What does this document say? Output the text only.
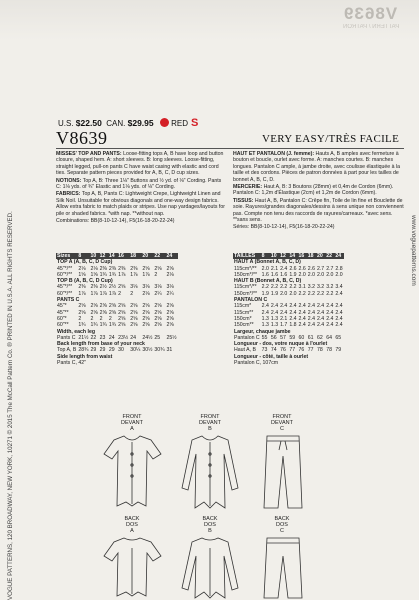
V8639
PATTERN / PATRON
VOGUE PATTERNS, 120 BROADWAY, NEW YORK, 10271 © 2015 The McCall Pattern Co. ® PRINTED IN U.S.A. ALL RIGHTS RESERVED.	www.voguepatterns.com
U.S. $22.50 CAN. $29.95 RED S
V8639	VERY EASY/TRÈS FACILE

MISSES' TOP AND PANTS: Loose-fitting tops A, B have loop and button closure, shaped hem. A: short sleeves. B: long sleeves. Loose-fitting, straight legged, pull-on pants C have waist casing with elastic and cord ties. Separate pattern pieces provided for A, B, C, D cup sizes.

NOTIONS: Top A, B: Three 1⅛" Buttons and ½ yd. of ⅛" Cording. Pants C: 1⅛ yds. of ¾" Elastic and 1⅛ yds. of ⅛" Cording.

FABRICS: Top A, B, Pants C: Lightweight Crepe, Lightweight Linen and Silk Noil. Unsuitable for obvious diagonals and one-way design fabrics. Allow extra fabric to match plaids or stripes. Use nap yardages/layouts for pile or shaded fabrics. *with nap. **without nap.

Combinations: BB(8-10-12-14), F5(16-18-20-22-24)

HAUT ET PANTALON (J. femme): Hauts A, B amples avec fermeture à bouton et boucle, ourlet avec forme. A: manches courtes. B: manches longues. Pantalon C ample, à jambe droite, avec coulisse élastiquée à la taille et des cordons. Pièces de patron données à part pour les tailles de bonnet A, B, C, D.

MERCERIE: Haut A, B: 3 Boutons (28mm) et 0,4m de Cordon (6mm). Pantalon C: 1,2m d'Élastique (2cm) et 1,2m de Cordon (6mm).

TISSUS: Haut A, B, Pantalon C: Crêpe fin, Toile de lin fine et Bouclette de soie. Rayures/grandes diagonales/dessins à sens unique non conviennent pas. Compte non tenu des raccords de rayures/carreaux. *avec sens. **sans sens.

Séries: BB(8-10-12-14), F5(16-18-20-22-24)

Sizes	8	10	12	14	16	18	20	22	24
TOP A (A, B, C, D Cup)									
45"*/**	2⅛	2⅛	2⅜	2⅜	2⅜	2⅜	2⅝	2⅝	2⅝
60"*/**	1⅝	1⅝	1¾	1¾	1⅞	1⅞	1⅞	2	2⅛
TOP B (A, B, C, D Cup)									
45"*/**	2⅜	2⅜	2½	2½	2⅝	3⅛	3⅛	3⅛	3⅛
60"*/**	1⅞	1⅞	1⅞	1⅞	2	2	2⅛	2¼	2¼
PANTS C									
45"*	2⅝	2⅝	2⅝	2⅝	2⅝	2⅝	2⅝	2⅝	2⅝
45"**	2⅝	2⅝	2⅝	2⅝	2⅝	2⅝	2⅝	2⅝	2⅝
60"*	2	2	2	2	2⅝	2⅝	2⅝	2⅝	2⅝
60"**	1¾	1¾	1¾	1¾	2⅝	2⅝	2⅝	2⅝	2⅝
Width, each leg									
Pants C	21½	22	23	24	23½	24	24½	25	25½
Back length from base of your neck									
Top A, B	28¾	29	29	29	30	30¼	30½	30¾	31
Side length from waist									
Pants C, 42"									
TAILLES	8	10	12	14	16	18	20	22	24
HAUT A (Bonnet A, B, C, D)									
115cm*/**	2.0	2.1	2.4	2.6	2.6	2.6	2.7	2.7	2.8
150cm*/**	1.6	1.6	1.6	1.9	2.0	2.0	2.0	2.0	2.0
HAUT B (Bonnet A, B, C, D)									
115cm*/**	2.2	2.2	2.2	2.2	3.1	3.2	3.2	3.2	3.4
150cm*/**	1.9	1.9	2.0	2.0	2.2	2.2	2.2	2.2	2.4
PANTALON C									
115cm*	2.4	2.4	2.4	2.4	2.4	2.4	2.4	2.4	2.4
115cm**	2.4	2.4	2.4	2.4	2.4	2.4	2.4	2.4	2.4
150cm*	1.3	1.3	2.1	2.4	2.4	2.4	2.4	2.4	2.4
150cm**	1.3	1.3	1.7	1.8	2.4	2.4	2.4	2.4	2.4
Largeur, chaque jambe									
Pantalon C	55	56	57	59	60	61	62	64	65
Longueur - dos, votre nuque à l'ourlet									
Haut A, B	73	74	76	77	76	77	78	78	79
Longueur - côté, taille à ourlet									
Pantalon C, 107cm									
FRONT
DEVANT
A
FRONT
DEVANT
B
FRONT
DEVANT
C
BACK
DOS
A
BACK
DOS
B
BACK
DOS
C
